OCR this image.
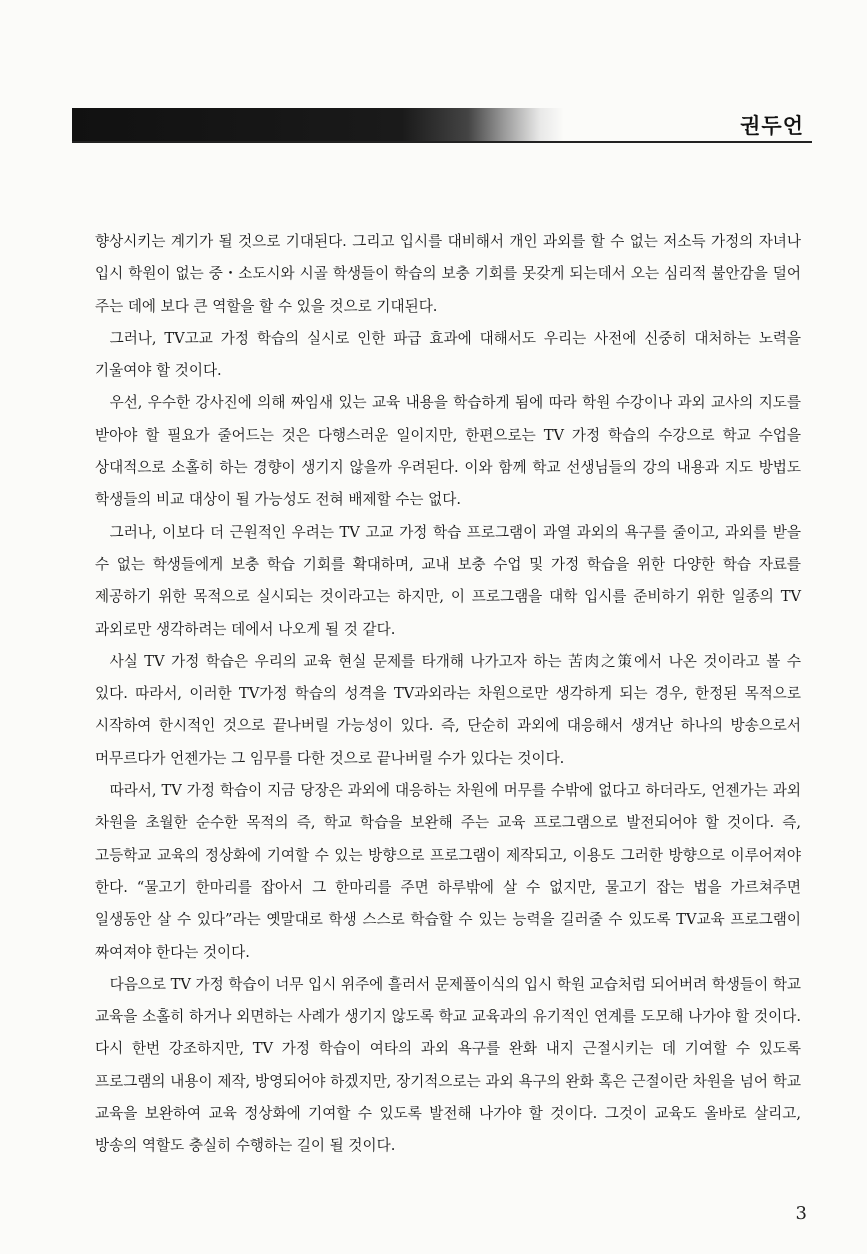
권두언

향상시키는 계기가 될 것으로 기대된다. 그리고 입시를 대비해서 개인 과외를 할 수 없는 저소득 가정의 자녀나 입시 학원이 없는 중・소도시와 시골 학생들이 학습의 보충 기회를 못갖게 되는데서 오는 심리적 불안감을 덜어 주는 데에 보다 큰 역할을 할 수 있을 것으로 기대된다.

그러나, TV고교 가정 학습의 실시로 인한 파급 효과에 대해서도 우리는 사전에 신중히 대처하는 노력을 기울여야 할 것이다.

우선, 우수한 강사진에 의해 짜임새 있는 교육 내용을 학습하게 됨에 따라 학원 수강이나 과외 교사의 지도를 받아야 할 필요가 줄어드는 것은 다행스러운 일이지만, 한편으로는 TV 가정 학습의 수강으로 학교 수업을 상대적으로 소홀히 하는 경향이 생기지 않을까 우려된다. 이와 함께 학교 선생님들의 강의 내용과 지도 방법도 학생들의 비교 대상이 될 가능성도 전혀 배제할 수는 없다.

그러나, 이보다 더 근원적인 우려는 TV 고교 가정 학습 프로그램이 과열 과외의 욕구를 줄이고, 과외를 받을 수 없는 학생들에게 보충 학습 기회를 확대하며, 교내 보충 수업 및 가정 학습을 위한 다양한 학습 자료를 제공하기 위한 목적으로 실시되는 것이라고는 하지만, 이 프로그램을 대학 입시를 준비하기 위한 일종의 TV 과외로만 생각하려는 데에서 나오게 될 것 같다.

사실 TV 가정 학습은 우리의 교육 현실 문제를 타개해 나가고자 하는 苦肉之策에서 나온 것이라고 볼 수 있다. 따라서, 이러한 TV가정 학습의 성격을 TV과외라는 차원으로만 생각하게 되는 경우, 한정된 목적으로 시작하여 한시적인 것으로 끝나버릴 가능성이 있다. 즉, 단순히 과외에 대응해서 생겨난 하나의 방송으로서 머무르다가 언젠가는 그 임무를 다한 것으로 끝나버릴 수가 있다는 것이다.

따라서, TV 가정 학습이 지금 당장은 과외에 대응하는 차원에 머무를 수밖에 없다고 하더라도, 언젠가는 과외 차원을 초월한 순수한 목적의 즉, 학교 학습을 보완해 주는 교육 프로그램으로 발전되어야 할 것이다. 즉, 고등학교 교육의 정상화에 기여할 수 있는 방향으로 프로그램이 제작되고, 이용도 그러한 방향으로 이루어져야 한다. “물고기 한마리를 잡아서 그 한마리를 주면 하루밖에 살 수 없지만, 물고기 잡는 법을 가르쳐주면 일생동안 살 수 있다”라는 옛말대로 학생 스스로 학습할 수 있는 능력을 길러줄 수 있도록 TV교육 프로그램이 짜여져야 한다는 것이다.

다음으로 TV 가정 학습이 너무 입시 위주에 흘러서 문제풀이식의 입시 학원 교습처럼 되어버려 학생들이 학교 교육을 소홀히 하거나 외면하는 사례가 생기지 않도록 학교 교육과의 유기적인 연계를 도모해 나가야 할 것이다. 다시 한번 강조하지만, TV 가정 학습이 여타의 과외 욕구를 완화 내지 근절시키는 데 기여할 수 있도록 프로그램의 내용이 제작, 방영되어야 하겠지만, 장기적으로는 과외 욕구의 완화 혹은 근절이란 차원을 넘어 학교 교육을 보완하여 교육 정상화에 기여할 수 있도록 발전해 나가야 할 것이다. 그것이 교육도 올바로 살리고, 방송의 역할도 충실히 수행하는 길이 될 것이다.

3
